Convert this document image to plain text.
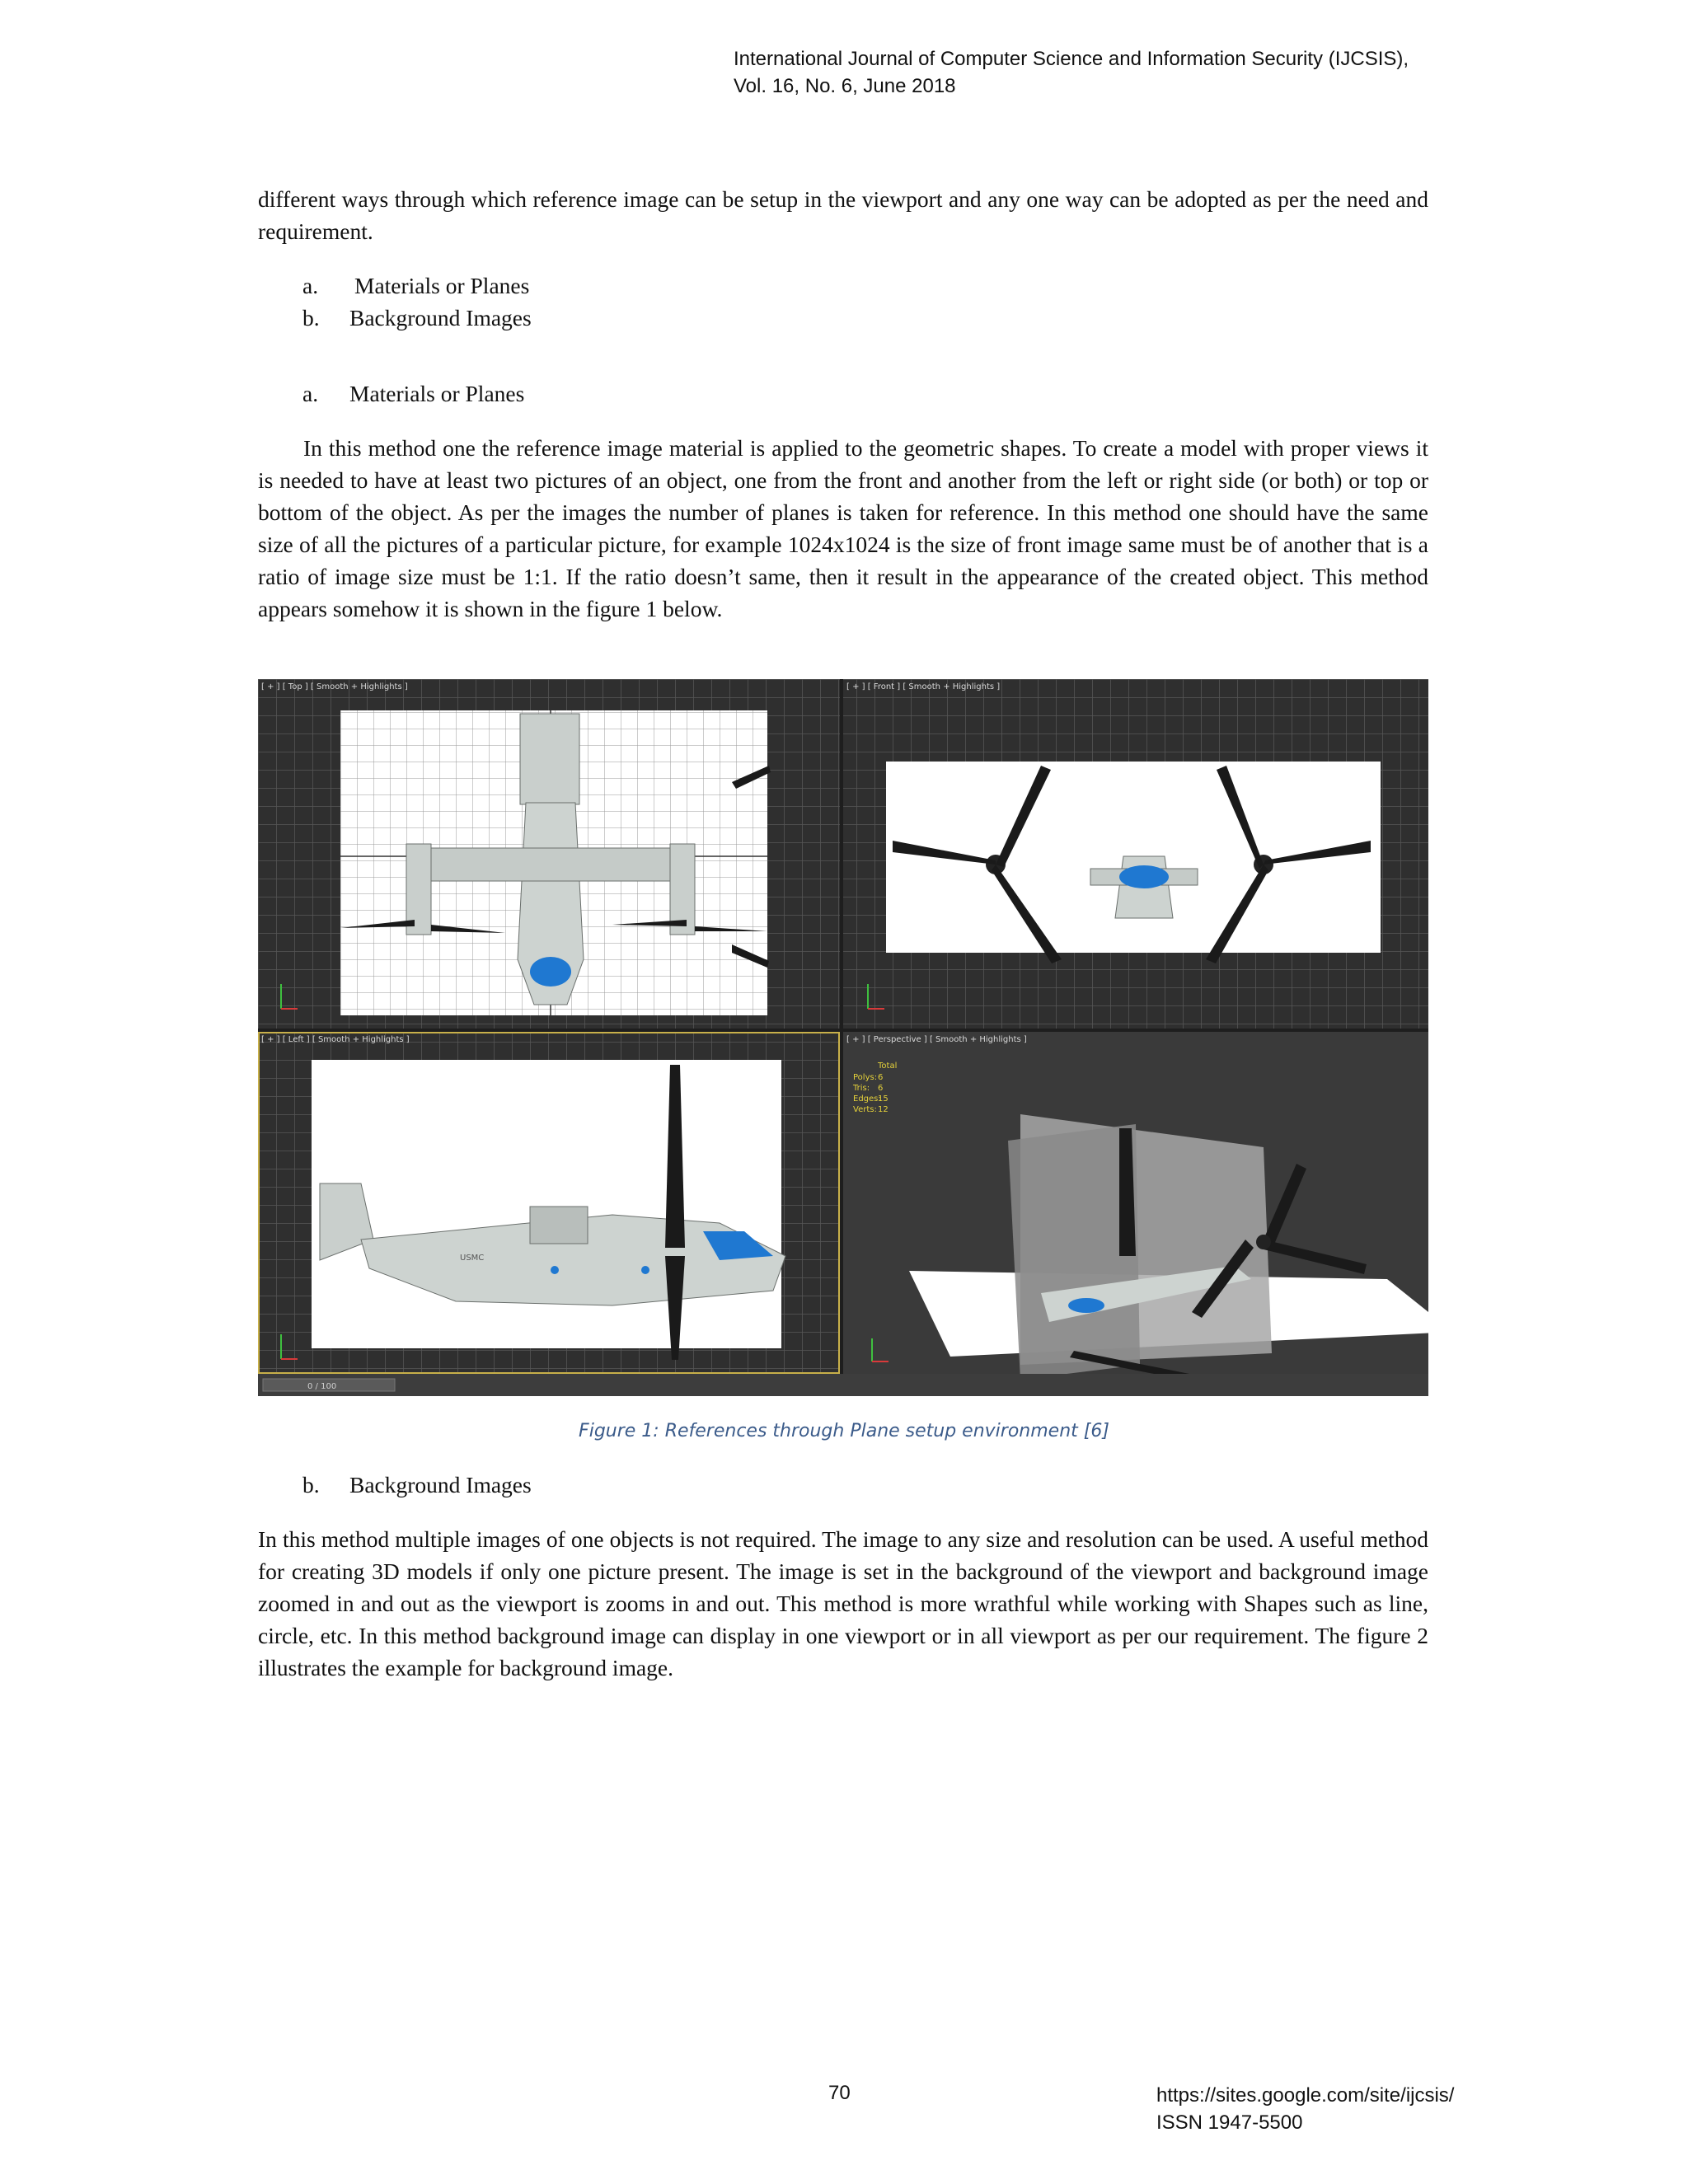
International Journal of Computer Science and Information Security (IJCSIS),
Vol. 16, No. 6, June 2018
different ways through which reference image can be setup in the viewport and any one way can be adopted as per the need and requirement.
a. Materials or Planes
b. Background Images
a. Materials or Planes
In this method one the reference image material is applied to the geometric shapes. To create a model with proper views it is needed to have at least two pictures of an object, one from the front and another from the left or right side (or both) or top or bottom of the object. As per the images the number of planes is taken for reference. In this method one should have the same size of all the pictures of a particular picture, for example 1024x1024 is the size of front image same must be of another that is a ratio of image size must be 1:1. If the ratio doesn’t same, then it result in the appearance of the created object. This method appears somehow it is shown in the figure 1 below.
[ + ] [ Top ] [ Smooth + Highlights ]	[ + ] [ Front ] [ Smooth + Highlights ]
USMC
[ + ] [ Left ] [ Smooth + Highlights ]	[ + ] [ Perspective ] [ Smooth + Highlights ]
Total
Polys: 6
Tris: 6
Edges:
15
Verts: 12
0 / 100
Figure 1: References through Plane setup environment [6]
b. Background Images
In this method multiple images of one objects is not required. The image to any size and resolution can be used. A useful method for creating 3D models if only one picture present. The image is set in the background of the viewport and background image zoomed in and out as the viewport is zooms in and out. This method is more wrathful while working with Shapes such as line, circle, etc. In this method background image can display in one viewport or in all viewport as per our requirement. The figure 2 illustrates the example for background image.
70	https://sites.google.com/site/ijcsis/
ISSN 1947-5500
